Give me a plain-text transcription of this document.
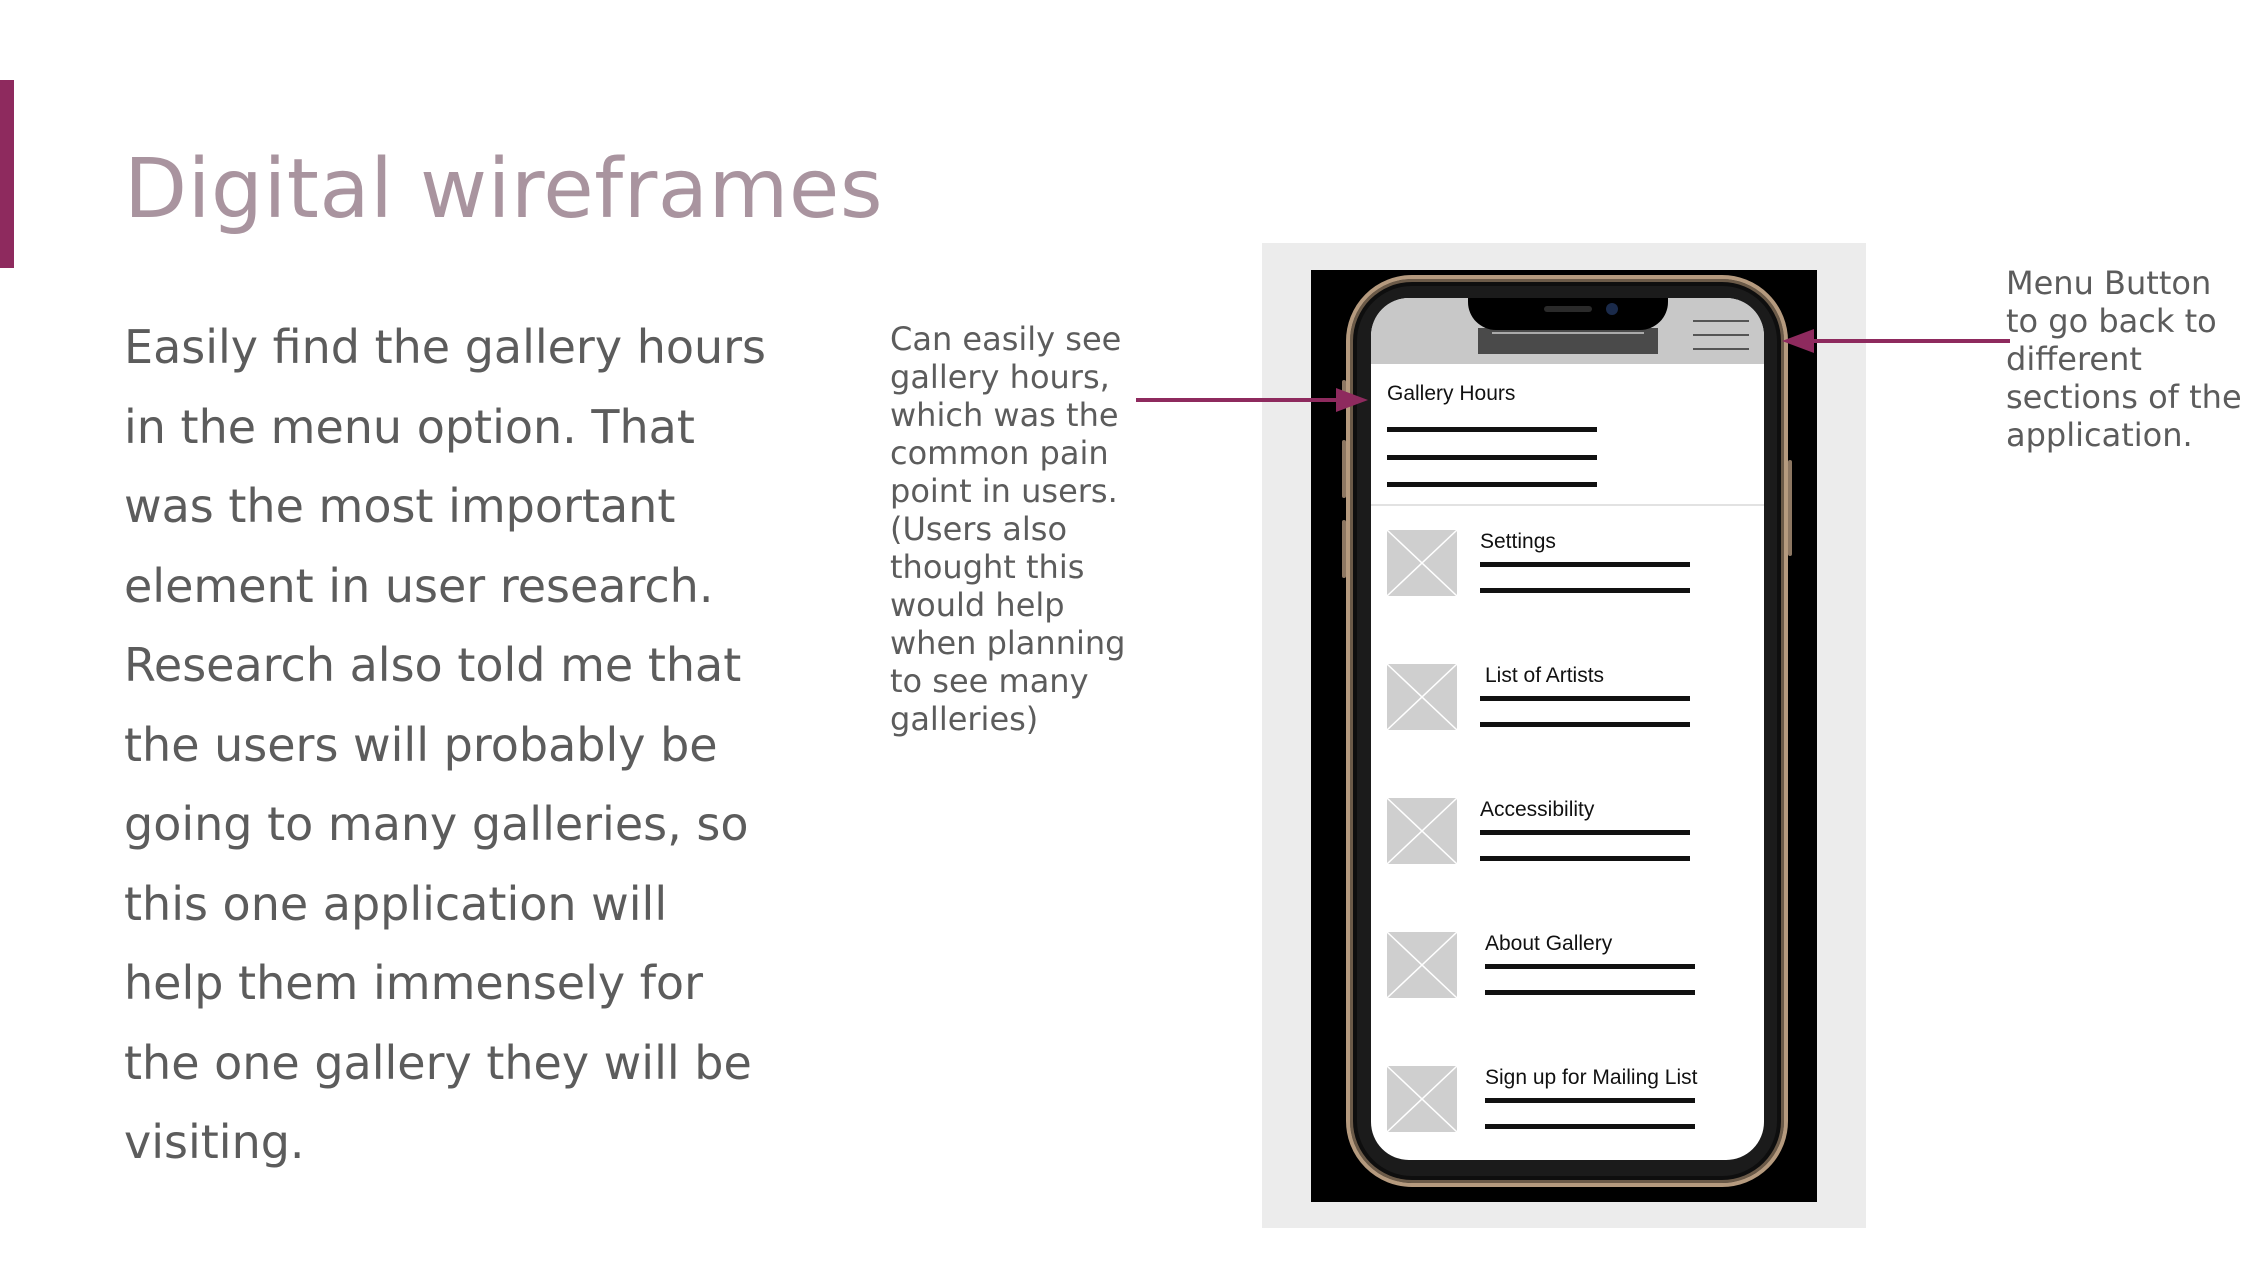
Digital wireframes
Easily find the gallery hours
in the menu option. That
was the most important
element in user research.
Research also told me that
the users will probably be
going to many galleries, so
this one application will
help them immensely for
the one gallery they will be
visiting.
Can easily see
gallery hours,
which was the
common pain
point in users.
(Users also
thought this
would help
when planning
to see many
galleries)
Menu Button
to go back to
different
sections of the
application.
Gallery Hours
Settings
List of Artists
Accessibility
About Gallery
Sign up for Mailing List
